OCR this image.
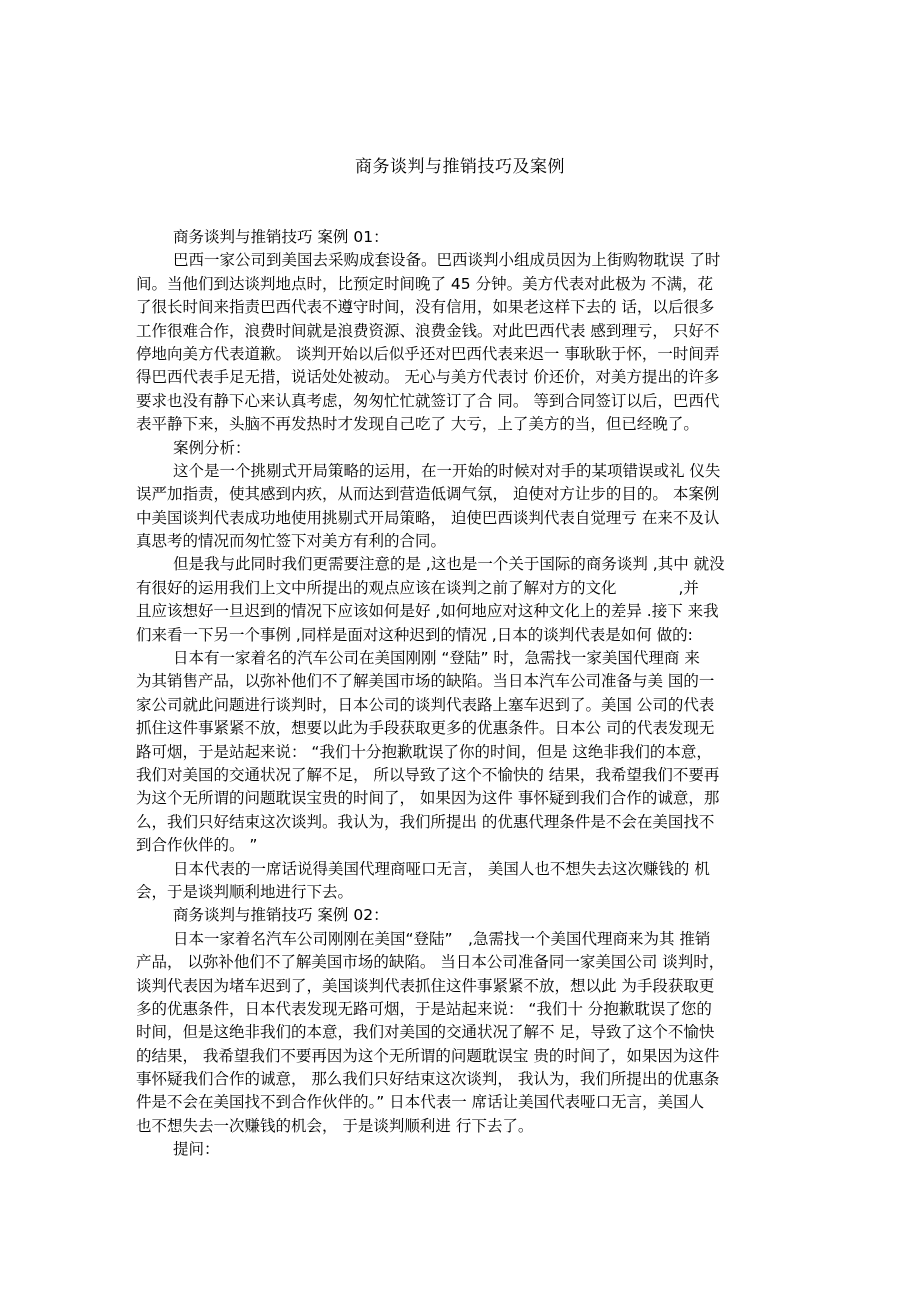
商务谈判与推销技巧及案例
商务谈判与推销技巧 案例 01：
巴西一家公司到美国去采购成套设备。巴西谈判小组成员因为上街购物耽误 了时
间。当他们到达谈判地点时，比预定时间晚了 45 分钟。美方代表对此极为 不满，花
了很长时间来指责巴西代表不遵守时间，没有信用，如果老这样下去的 话，以后很多
工作很难合作，浪费时间就是浪费资源、浪费金钱。对此巴西代表 感到理亏， 只好不
停地向美方代表道歉。 谈判开始以后似乎还对巴西代表来迟一 事耿耿于怀，一时间弄
得巴西代表手足无措，说话处处被动。 无心与美方代表讨 价还价，对美方提出的许多
要求也没有静下心来认真考虑，匆匆忙忙就签订了合 同。 等到合同签订以后，巴西代
表平静下来，头脑不再发热时才发现自己吃了 大亏，上了美方的当，但已经晚了。
案例分析：
这个是一个挑剔式开局策略的运用，在一开始的时候对对手的某项错误或礼 仪失
误严加指责，使其感到内疚，从而达到营造低调气氛， 迫使对方让步的目的。 本案例
中美国谈判代表成功地使用挑剔式开局策略， 迫使巴西谈判代表自觉理亏 在来不及认
真思考的情况而匆忙签下对美方有利的合同。
但是我与此同时我们更需要注意的是 ,这也是一个关于国际的商务谈判 ,其中 就没
有很好的运用我们上文中所提出的观点应该在谈判之前了解对方的文化　　　　,并
且应该想好一旦迟到的情况下应该如何是好 ,如何地应对这种文化上的差异 .接下 来我
们来看一下另一个事例 ,同样是面对这种迟到的情况 ,日本的谈判代表是如何 做的:
日本有一家着名的汽车公司在美国刚刚 “登陆” 时，急需找一家美国代理商 来
为其销售产品，以弥补他们不了解美国市场的缺陷。当日本汽车公司准备与美 国的一
家公司就此问题进行谈判时，日本公司的谈判代表路上塞车迟到了。美国 公司的代表
抓住这件事紧紧不放，想要以此为手段获取更多的优惠条件。日本公 司的代表发现无
路可烟，于是站起来说： “我们十分抱歉耽误了你的时间，但是 这绝非我们的本意，
我们对美国的交通状况了解不足， 所以导致了这个不愉快的 结果，我希望我们不要再
为这个无所谓的问题耽误宝贵的时间了， 如果因为这件 事怀疑到我们合作的诚意，那
么，我们只好结束这次谈判。我认为，我们所提出 的优惠代理条件是不会在美国找不
到合作伙伴的。 ”
日本代表的一席话说得美国代理商哑口无言， 美国人也不想失去这次赚钱的 机
会，于是谈判顺利地进行下去。
商务谈判与推销技巧 案例 02：
日本一家着名汽车公司刚刚在美国“登陆”　,急需找一个美国代理商来为其 推销
产品， 以弥补他们不了解美国市场的缺陷。 当日本公司准备同一家美国公司 谈判时，
谈判代表因为堵车迟到了，美国谈判代表抓住这件事紧紧不放，想以此 为手段获取更
多的优惠条件，日本代表发现无路可烟，于是站起来说： “我们十 分抱歉耽误了您的
时间，但是这绝非我们的本意，我们对美国的交通状况了解不 足，导致了这个不愉快
的结果， 我希望我们不要再因为这个无所谓的问题耽误宝 贵的时间了，如果因为这件
事怀疑我们合作的诚意， 那么我们只好结束这次谈判， 我认为，我们所提出的优惠条
件是不会在美国找不到合作伙伴的。” 日本代表一 席话让美国代表哑口无言，美国人
也不想失去一次赚钱的机会， 于是谈判顺利进 行下去了。
提问：
